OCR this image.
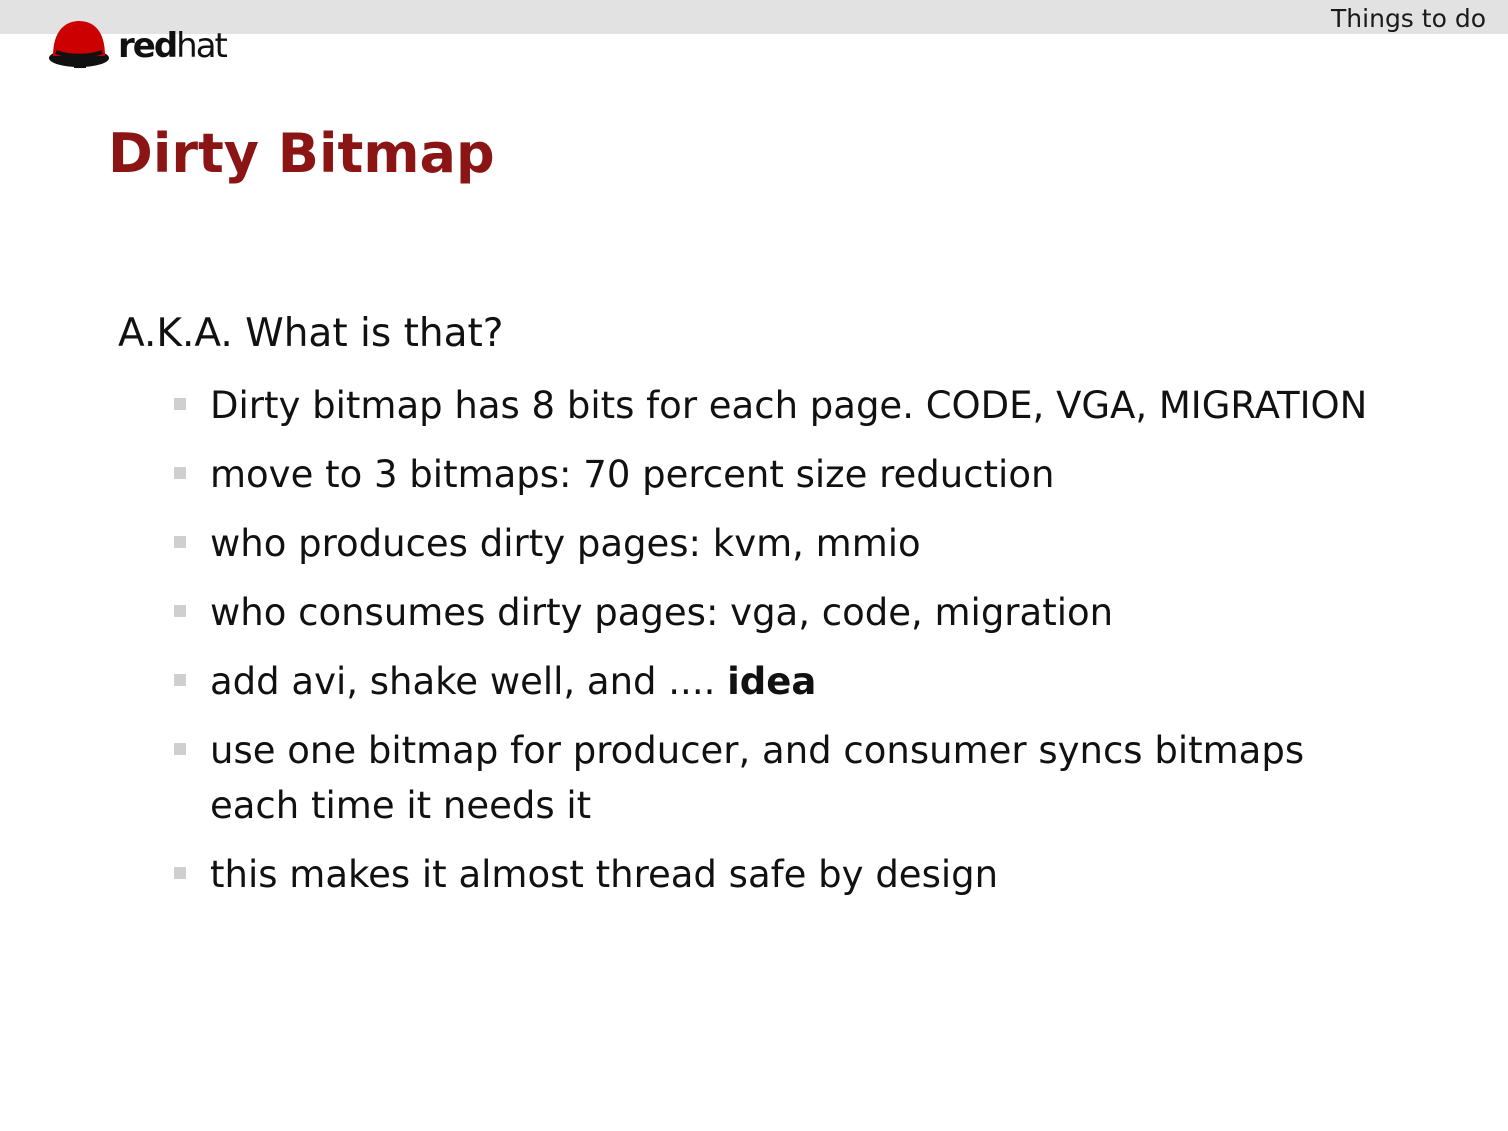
Things to do
redhat
Dirty Bitmap
A.K.A. What is that?
Dirty bitmap has 8 bits for each page. CODE, VGA, MIGRATION
move to 3 bitmaps: 70 percent size reduction
who produces dirty pages: kvm, mmio
who consumes dirty pages: vga, code, migration
add avi, shake well, and .... idea
use one bitmap for producer, and consumer syncs bitmaps each time it needs it
this makes it almost thread safe by design
